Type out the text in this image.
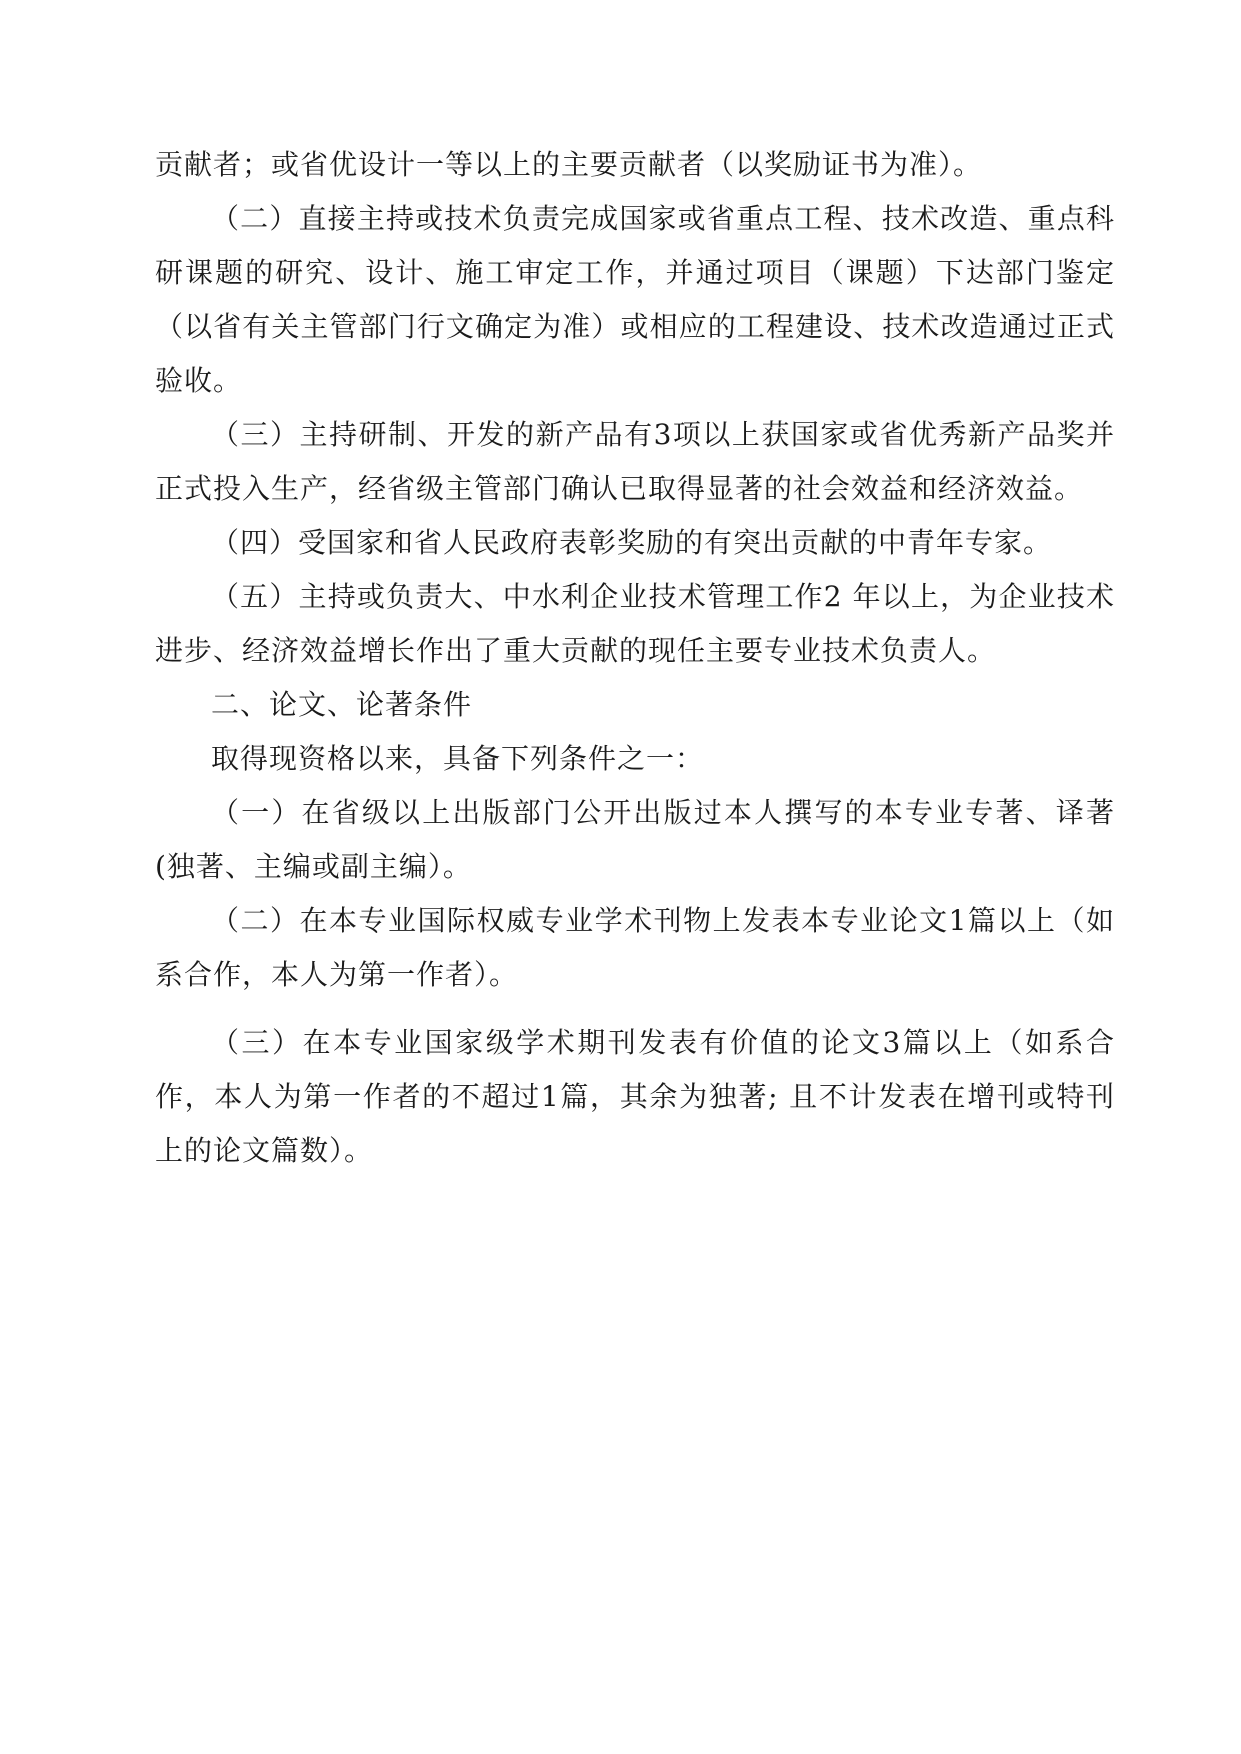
贡献者；或省优设计一等以上的主要贡献者（以奖励证书为准）。

（二）直接主持或技术负责完成国家或省重点工程、技术改造、重点科研课题的研究、设计、施工审定工作，并通过项目（课题）下达部门鉴定（以省有关主管部门行文确定为准）或相应的工程建设、技术改造通过正式验收。

（三）主持研制、开发的新产品有3项以上获国家或省优秀新产品奖并正式投入生产，经省级主管部门确认已取得显著的社会效益和经济效益。

（四）受国家和省人民政府表彰奖励的有突出贡献的中青年专家。

（五）主持或负责大、中水利企业技术管理工作2 年以上，为企业技术进步、经济效益增长作出了重大贡献的现任主要专业技术负责人。

二、论文、论著条件

取得现资格以来，具备下列条件之一：

（一）在省级以上出版部门公开出版过本人撰写的本专业专著、译著(独著、主编或副主编）。

（二）在本专业国际权威专业学术刊物上发表本专业论文1篇以上（如系合作，本人为第一作者）。

（三）在本专业国家级学术期刊发表有价值的论文3篇以上（如系合作，本人为第一作者的不超过1篇，其余为独著; 且不计发表在增刊或特刊上的论文篇数）。
